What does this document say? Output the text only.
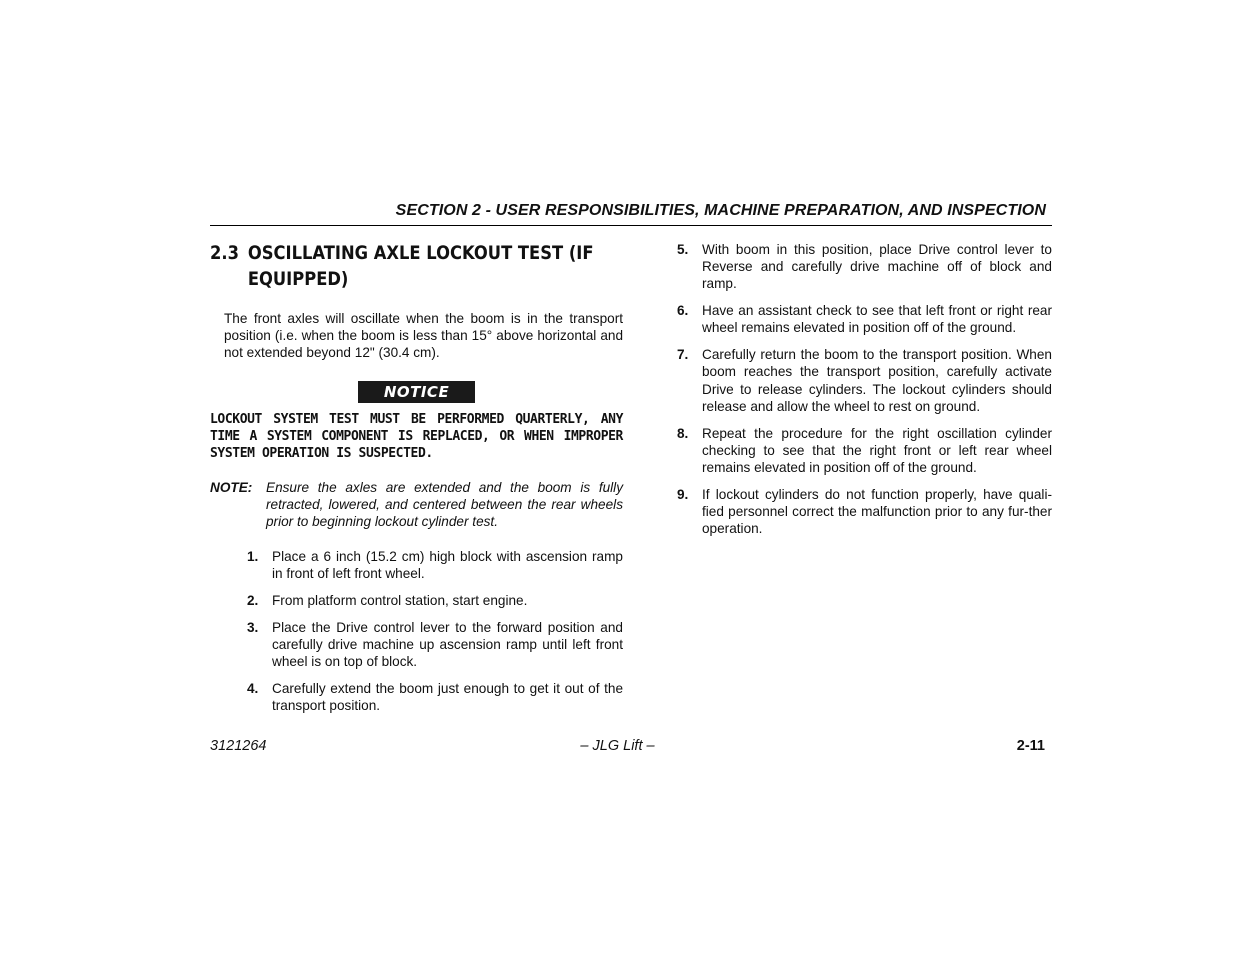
SECTION 2 - USER RESPONSIBILITIES, MACHINE PREPARATION, AND INSPECTION
2.3 OSCILLATING AXLE LOCKOUT TEST (IF EQUIPPED)

The front axles will oscillate when the boom is in the transport position (i.e. when the boom is less than 15° above horizontal and not extended beyond 12" (30.4 cm).

NOTICE
LOCKOUT SYSTEM TEST MUST BE PERFORMED QUARTERLY, ANY TIME A SYSTEM COMPONENT IS REPLACED, OR WHEN IMPROPER SYSTEM OPERATION IS SUSPECTED.
NOTE:	Ensure the axles are extended and the boom is fully retracted, lowered, and centered between the rear wheels prior to beginning lockout cylinder test.
1.	Place a 6 inch (15.2 cm) high block with ascension ramp in front of left front wheel.
2.	From platform control station, start engine.
3.	Place the Drive control lever to the forward position and carefully drive machine up ascension ramp until left front wheel is on top of block.
4.	Carefully extend the boom just enough to get it out of the transport position.
5.	With boom in this position, place Drive control lever to Reverse and carefully drive machine off of block and ramp.
6.	Have an assistant check to see that left front or right rear wheel remains elevated in position off of the ground.
7.	Carefully return the boom to the transport position. When boom reaches the transport position, carefully activate Drive to release cylinders. The lockout cylinders should release and allow the wheel to rest on ground.
8.	Repeat the procedure for the right oscillation cylinder checking to see that the right front or left rear wheel remains elevated in position off of the ground.
9.	If lockout cylinders do not function properly, have quali-fied personnel correct the malfunction prior to any fur-ther operation.
3121264	– JLG Lift –	2-11
